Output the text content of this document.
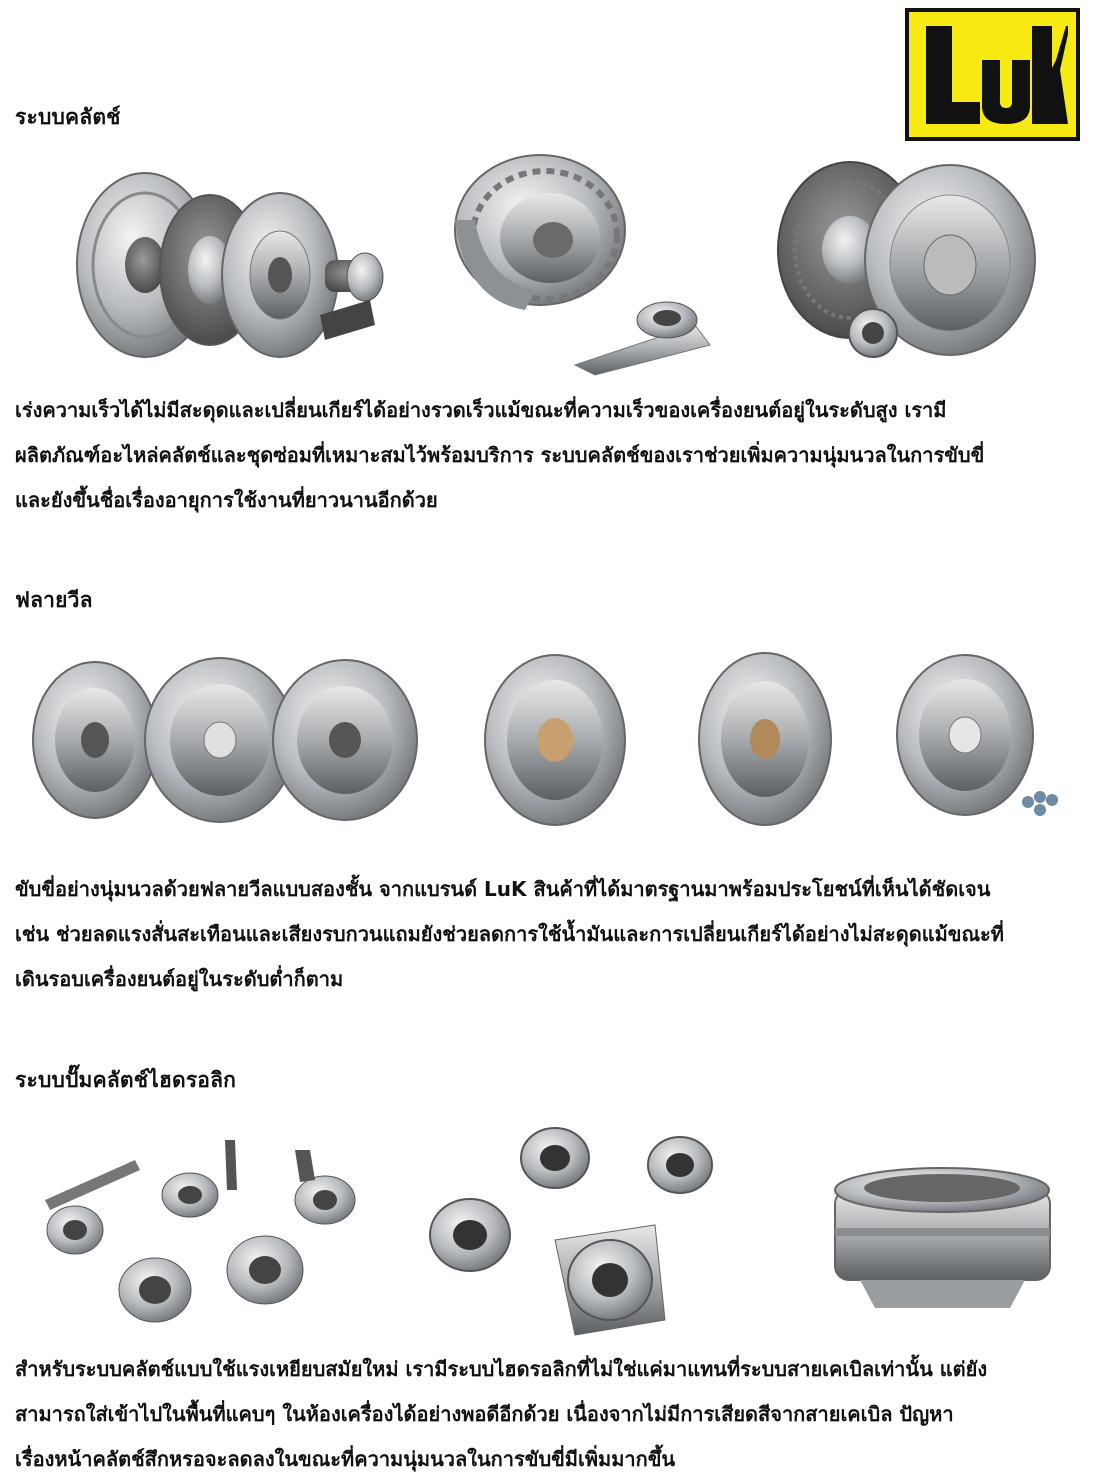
ระบบคลัตช์

เร่งความเร็วได้ไม่มีสะดุดและเปลี่ยนเกียร์ได้อย่างรวดเร็วแม้ขณะที่ความเร็วของเครื่องยนต์อยู่ในระดับสูง เรามี
ผลิตภัณฑ์อะไหล่คลัตช์และชุดซ่อมที่เหมาะสมไว้พร้อมบริการ ระบบคลัตช์ของเราช่วยเพิ่มความนุ่มนวลในการขับขี่
และยังขึ้นชื่อเรื่องอายุการใช้งานที่ยาวนานอีกด้วย

ฟลายวีล

ขับขี่อย่างนุ่มนวลด้วยฟลายวีลแบบสองชั้น จากแบรนด์ LuK สินค้าที่ได้มาตรฐานมาพร้อมประโยชน์ที่เห็นได้ชัดเจน
เช่น ช่วยลดแรงสั่นสะเทือนและเสียงรบกวนแถมยังช่วยลดการใช้น้ำมันและการเปลี่ยนเกียร์ได้อย่างไม่สะดุดแม้ขณะที่
เดินรอบเครื่องยนต์อยู่ในระดับต่ำก็ตาม

ระบบปั๊มคลัตช์ไฮดรอลิก

สำหรับระบบคลัตช์แบบใช้แรงเหยียบสมัยใหม่ เรามีระบบไฮดรอลิกที่ไม่ใช่แค่มาแทนที่ระบบสายเคเบิลเท่านั้น แต่ยัง
สามารถใส่เข้าไปในพื้นที่แคบๆ ในห้องเครื่องได้อย่างพอดีอีกด้วย เนื่องจากไม่มีการเสียดสีจากสายเคเบิล ปัญหา
เรื่องหน้าคลัตช์สึกหรอจะลดลงในขณะที่ความนุ่มนวลในการขับขี่มีเพิ่มมากขึ้น
